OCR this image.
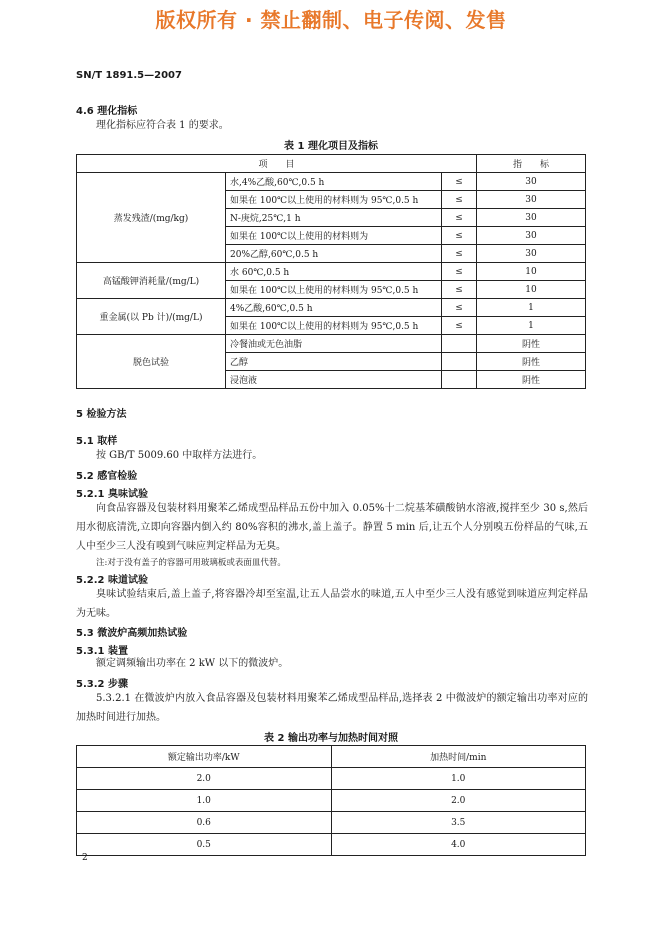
版权所有 · 禁止翻制、电子传阅、发售
SN/T 1891.5—2007
4.6 理化指标
理化指标应符合表 1 的要求。
表 1 理化项目及指标
项　　目			指　　标
蒸发残渣/(mg/kg)	水,4%乙酸,60℃,0.5 h	≤	30
	如果在 100℃以上使用的材料则为 95℃,0.5 h	≤	30
	N-庚烷,25℃,1 h	≤	30
	如果在 100℃以上使用的材料则为	≤	30
	20%乙醇,60℃,0.5 h	≤	30
高锰酸钾消耗量/(mg/L)	水 60℃,0.5 h	≤	10
	如果在 100℃以上使用的材料则为 95℃,0.5 h	≤	10
重金属(以 Pb 计)/(mg/L)	4%乙酸,60℃,0.5 h	≤	1
	如果在 100℃以上使用的材料则为 95℃,0.5 h	≤	1
脱色试验	冷餐油或无色油脂		阴性
	乙醇		阴性
	浸泡液		阴性
5 检验方法
5.1 取样
按 GB/T 5009.60 中取样方法进行。
5.2 感官检验
5.2.1 臭味试验
向食品容器及包装材料用聚苯乙烯成型品样品五份中加入 0.05%十二烷基苯磺酸钠水溶液,搅拌至少 30 s,然后用水彻底清洗,立即向容器内倒入约 80%容积的沸水,盖上盖子。静置 5 min 后,让五个人分别嗅五份样品的气味,五人中至少三人没有嗅到气味应判定样品为无臭。
注:对于没有盖子的容器可用玻璃板或表面皿代替。
5.2.2 味道试验
臭味试验结束后,盖上盖子,将容器冷却至室温,让五人品尝水的味道,五人中至少三人没有感觉到味道应判定样品为无味。
5.3 微波炉高频加热试验
5.3.1 装置
额定调频输出功率在 2 kW 以下的微波炉。
5.3.2 步骤
5.3.2.1 在微波炉内放入食品容器及包装材料用聚苯乙烯成型品样品,选择表 2 中微波炉的额定输出功率对应的加热时间进行加热。
表 2 输出功率与加热时间对照
额定输出功率/kW	加热时间/min
2.0	1.0
1.0	2.0
0.6	3.5
0.5	4.0
2
